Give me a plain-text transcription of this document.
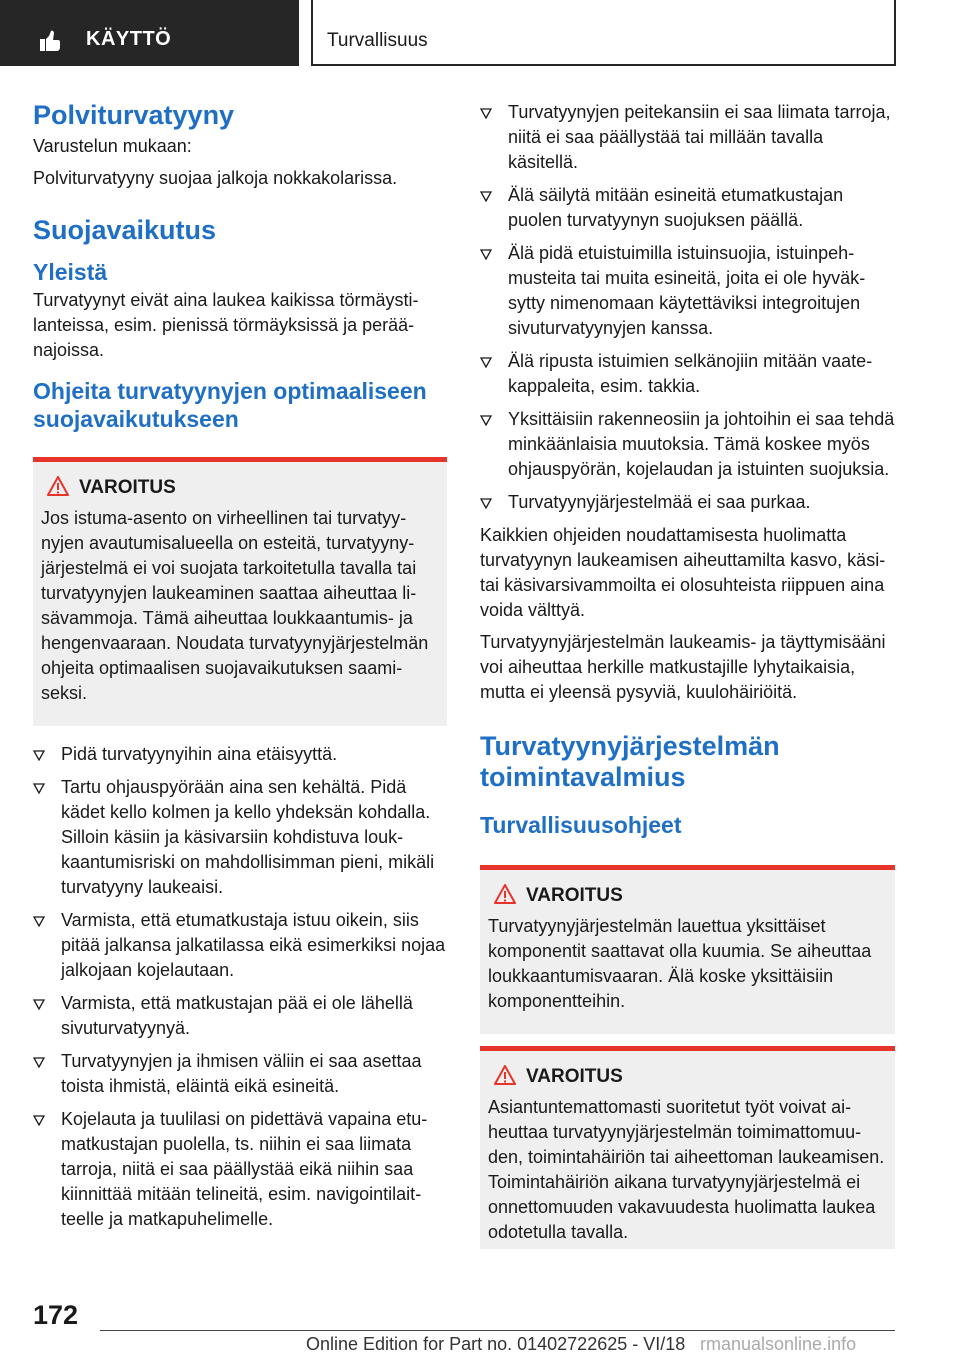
KÄYTTÖ	Turvallisuus
Polviturvatyyny

Varustelun mukaan:

Polviturvatyyny suojaa jalkoja nokkakolarissa.

Suojavaikutus
Yleistä

Turvatyynyt eivät aina laukea kaikissa törmäystilanteissa, esim. pienissä törmäyksissä ja peräänajoissa.

Ohjeita turvatyynyjen optimaaliseen suojavaikutukseen
VAROITUS

Jos istuma-asento on virheellinen tai turvatyynyjen avautumisalueella on esteitä, turvatyynyjärjestelmä ei voi suojata tarkoitetulla tavalla tai turvatyynyjen laukeaminen saattaa aiheuttaa lisävammoja. Tämä aiheuttaa loukkaantumis- ja hengenvaaraan. Noudata turvatyynyjärjestelmän ohjeita optimaalisen suojavaikutuksen saamiseksi.

Pidä turvatyynyihin aina etäisyyttä.
Tartu ohjauspyörään aina sen kehältä. Pidä kädet kello kolmen ja kello yhdeksän kohdalla. Silloin käsiin ja käsivarsiin kohdistuva loukkaantumisriski on mahdollisimman pieni, mikäli turvatyyny laukeaisi.
Varmista, että etumatkustaja istuu oikein, siis pitää jalkansa jalkatilassa eikä esimerkiksi nojaa jalkojaan kojelautaan.
Varmista, että matkustajan pää ei ole lähellä sivuturvatyynyä.
Turvatyynyjen ja ihmisen väliin ei saa asettaa toista ihmistä, eläintä eikä esineitä.
Kojelauta ja tuulilasi on pidettävä vapaina etumatkustajan puolella, ts. niihin ei saa liimata tarroja, niitä ei saa päällystää eikä niihin saa kiinnittää mitään telineitä, esim. navigointilaitteelle ja matkapuhelimelle.
Turvatyynyjen peitekansiin ei saa liimata tarroja, niitä ei saa päällystää tai millään tavalla käsitellä.
Älä säilytä mitään esineitä etumatkustajan puolen turvatyynyn suojuksen päällä.
Älä pidä etuistuimilla istuinsuojia, istuinpehmusteita tai muita esineitä, joita ei ole hyväksytty nimenomaan käytettäviksi integroitujen sivuturvatyynyjen kanssa.
Älä ripusta istuimien selkänojiin mitään vaatekappaleita, esim. takkia.
Yksittäisiin rakenneosiin ja johtoihin ei saa tehdä minkäänlaisia muutoksia. Tämä koskee myös ohjauspyörän, kojelaudan ja istuinten suojuksia.
Turvatyynyjärjestelmää ei saa purkaa.

Kaikkien ohjeiden noudattamisesta huolimatta turvatyynyn laukeamisen aiheuttamilta kasvo, käsi- tai käsivarsivammoilta ei olosuhteista riippuen aina voida välttyä.

Turvatyynyjärjestelmän laukeamis- ja täyttymisääni voi aiheuttaa herkille matkustajille lyhytaikaisia, mutta ei yleensä pysyviä, kuulohäiriöitä.

Turvatyynyjärjestelmän toimintavalmius
Turvallisuusohjeet
VAROITUS

Turvatyynyjärjestelmän lauettua yksittäiset komponentit saattavat olla kuumia. Se aiheuttaa loukkaantumisvaaran. Älä koske yksittäisiin komponentteihin.

VAROITUS

Asiantuntemattomasti suoritetut työt voivat aiheuttaa turvatyynyjärjestelmän toimimattomuuden, toimintahäiriön tai aiheettoman laukeamisen. Toimintahäiriön aikana turvatyynyjärjestelmä ei onnettomuuden vakavuudesta huolimatta laukea odotetulla tavalla.

172
Online Edition for Part no. 01402722625 - VI/18 rmanualsonline.info
